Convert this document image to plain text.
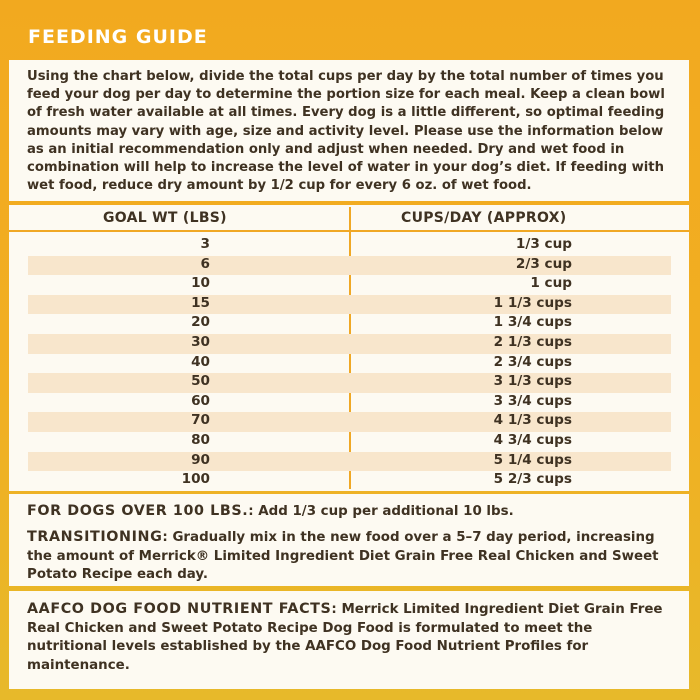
FEEDING GUIDE

Using the chart below, divide the total cups per day by the total number of times you feed your dog per day to determine the portion size for each meal. Keep a clean bowl of fresh water available at all times. Every dog is a little different, so optimal feeding amounts may vary with age, size and activity level. Please use the information below as an initial recommendation only and adjust when needed. Dry and wet food in combination will help to increase the level of water in your dog’s diet. If feeding with wet food, reduce dry amount by 1/2 cup for every 6 oz. of wet food.

GOAL WT (LBS)	CUPS/DAY (APPROX)
3	1/3 cup
6	2/3 cup
10	1 cup
15	1 1/3 cups
20	1 3/4 cups
30	2 1/3 cups
40	2 3/4 cups
50	3 1/3 cups
60	3 3/4 cups
70	4 1/3 cups
80	4 3/4 cups
90	5 1/4 cups
100	5 2/3 cups

FOR DOGS OVER 100 LBS.: Add 1/3 cup per additional 10 lbs.

TRANSITIONING: Gradually mix in the new food over a 5–7 day period, increasing the amount of Merrick® Limited Ingredient Diet Grain Free Real Chicken and Sweet Potato Recipe each day.

AAFCO DOG FOOD NUTRIENT FACTS: Merrick Limited Ingredient Diet Grain Free Real Chicken and Sweet Potato Recipe Dog Food is formulated to meet the nutritional levels established by the AAFCO Dog Food Nutrient Profiles for maintenance.
